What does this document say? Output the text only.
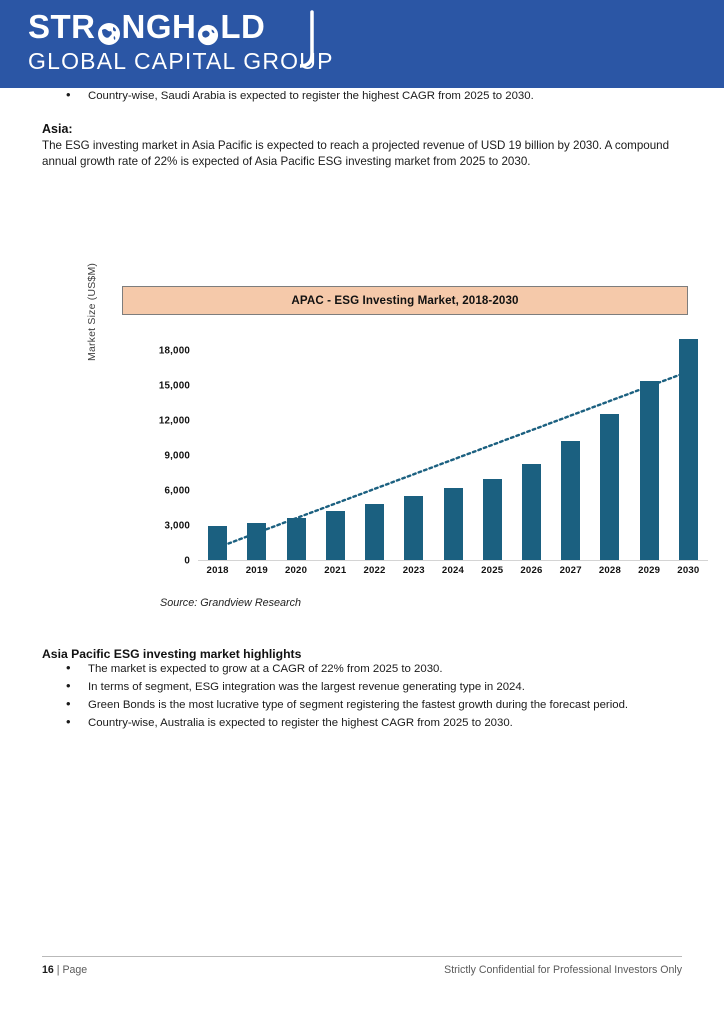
STR NGH LD
GLOBAL CAPITAL GROUP
• Country-wise, Saudi Arabia is expected to register the highest CAGR from 2025 to 2030.
Asia:
The ESG investing market in Asia Pacific is expected to reach a projected revenue of USD 19 billion by 2030. A compound annual growth rate of 22% is expected of Asia Pacific ESG investing market from 2025 to 2030.
APAC - ESG Investing Market, 2018-2030
Market Size (US$M)
0
3,000
6,000
9,000
12,000
15,000
18,000
2018 2019 2020 2021 2022 2023 2024 2025 2026 2027 2028 2029 2030
Source: Grandview Research
Asia Pacific ESG investing market highlights
• The market is expected to grow at a CAGR of 22% from 2025 to 2030.
• In terms of segment, ESG integration was the largest revenue generating type in 2024.
• Green Bonds is the most lucrative type of segment registering the fastest growth during the forecast period.
• Country-wise, Australia is expected to register the highest CAGR from 2025 to 2030.
16 | Page	Strictly Confidential for Professional Investors Only
